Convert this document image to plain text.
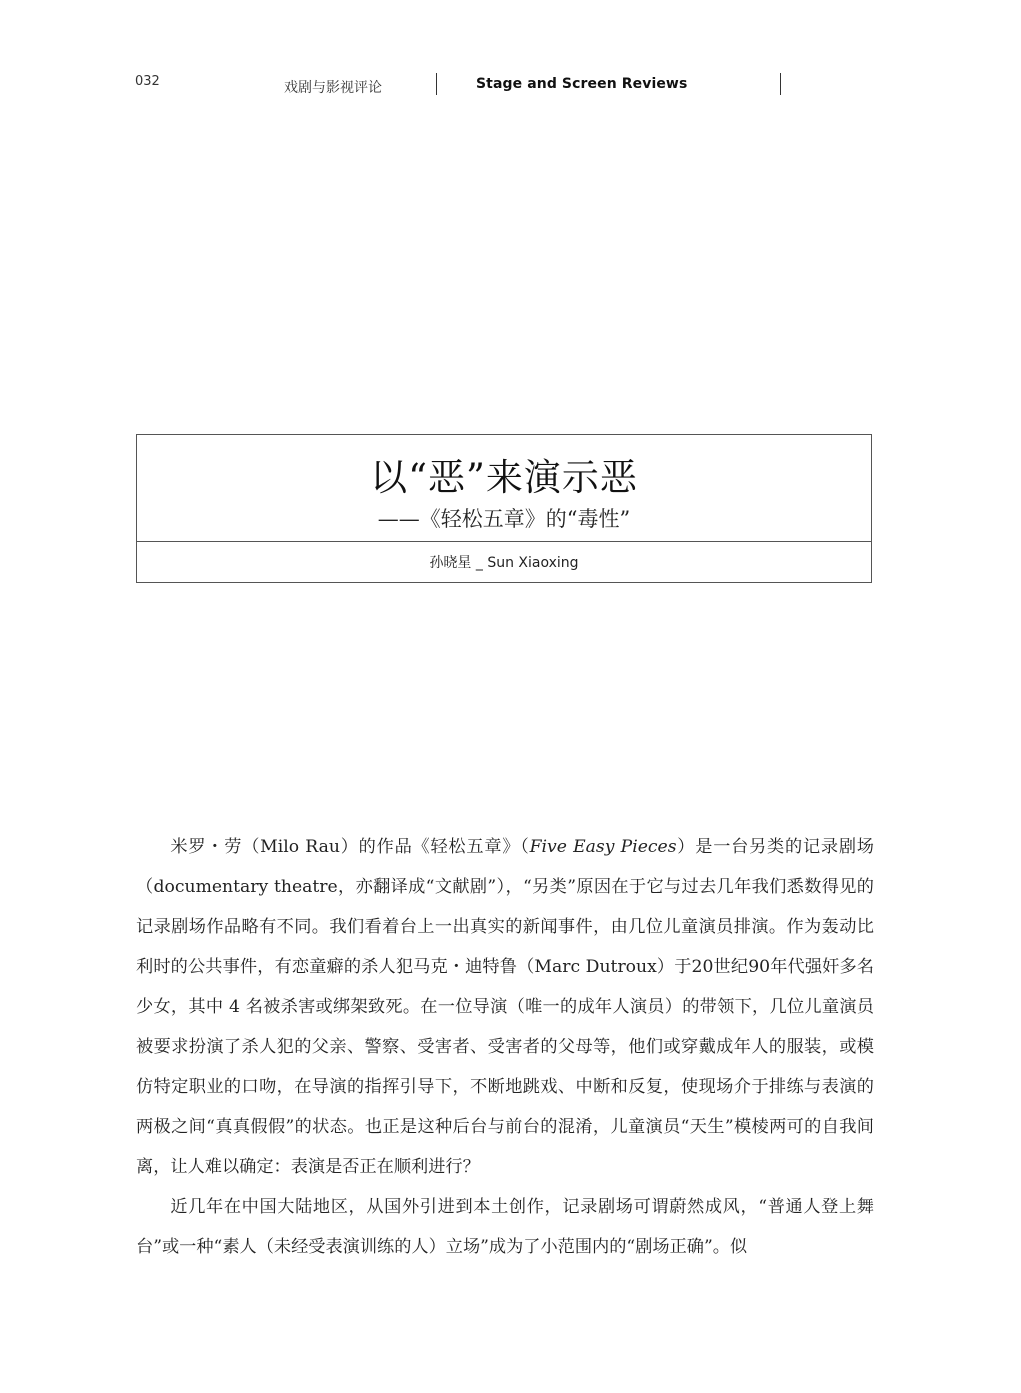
032	戏剧与影视评论	Stage and Screen Reviews
以“恶”来演示恶
——《轻松五章》的“毒性”
孙晓星 _ Sun Xiaoxing

米罗・劳（Milo Rau）的作品《轻松五章》（Five Easy Pieces）是一台另类的记录剧场（documentary theatre，亦翻译成“文献剧”），“另类”原因在于它与过去几年我们悉数得见的记录剧场作品略有不同。我们看着台上一出真实的新闻事件，由几位儿童演员排演。作为轰动比利时的公共事件，有恋童癖的杀人犯马克・迪特鲁（Marc Dutroux）于20世纪90年代强奸多名少女，其中 4 名被杀害或绑架致死。在一位导演（唯一的成年人演员）的带领下，几位儿童演员被要求扮演了杀人犯的父亲、警察、受害者、受害者的父母等，他们或穿戴成年人的服装，或模仿特定职业的口吻，在导演的指挥引导下，不断地跳戏、中断和反复，使现场介于排练与表演的两极之间“真真假假”的状态。也正是这种后台与前台的混淆，儿童演员“天生”模棱两可的自我间离，让人难以确定：表演是否正在顺利进行？

近几年在中国大陆地区，从国外引进到本土创作，记录剧场可谓蔚然成风，“普通人登上舞台”或一种“素人（未经受表演训练的人）立场”成为了小范围内的“剧场正确”。似
